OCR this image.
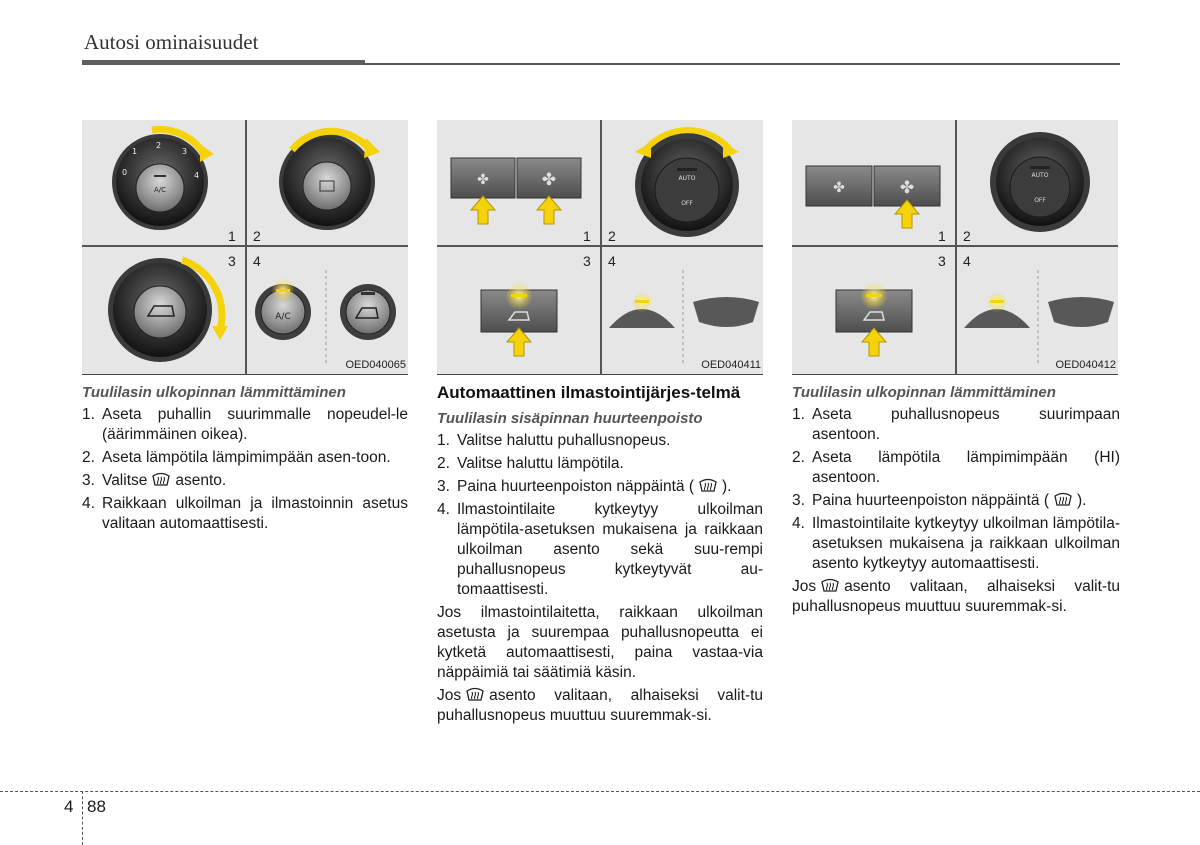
Autosi ominaisuudet
A/C
0
1
2
3
4
A/C
1 2
3 4
OED040065
✤	✤	AUTO
OFF
1 2
3 4
OED040411
✤	✤
AUTO
OFF
1 2
3 4
OED040412

Tuulilasin ulkopinnan lämmittäminen

1. Aseta puhallin suurimmalle nopeudel-le (äärimmäinen oikea).
2. Aseta lämpötila lämpimimpään asen-toon.
3. Valitse asento.
4. Raikkaan ulkoilman ja ilmastoinnin asetus valitaan automaattisesti.

Automaattinen ilmastointijärjes-telmä

Tuulilasin sisäpinnan huurteenpoisto

1. Valitse haluttu puhallusnopeus.
2. Valitse haluttu lämpötila.
3. Paina huurteenpoiston näppäintä ( ).
4. Ilmastointilaite kytkeytyy ulkoilman lämpötila-asetuksen mukaisena ja raikkaan ulkoilman asento sekä suu-rempi puhallusnopeus kytkeytyvät au-tomaattisesti.

Jos ilmastointilaitetta, raikkaan ulkoilman asetusta ja suurempaa puhallusnopeutta ei kytketä automaattisesti, paina vastaa-via näppäimiä tai säätimiä käsin.

Jos asento valitaan, alhaiseksi valit-tu puhallusnopeus muuttuu suuremmak-si.

Tuulilasin ulkopinnan lämmittäminen

1. Aseta puhallusnopeus suurimpaan asentoon.
2. Aseta lämpötila lämpimimpään (HI) asentoon.
3. Paina huurteenpoiston näppäintä ( ).
4. Ilmastointilaite kytkeytyy ulkoilman lämpötila-asetuksen mukaisena ja raikkaan ulkoilman asento kytkeytyy automaattisesti.

Jos asento valitaan, alhaiseksi valit-tu puhallusnopeus muuttuu suuremmak-si.

4 88
